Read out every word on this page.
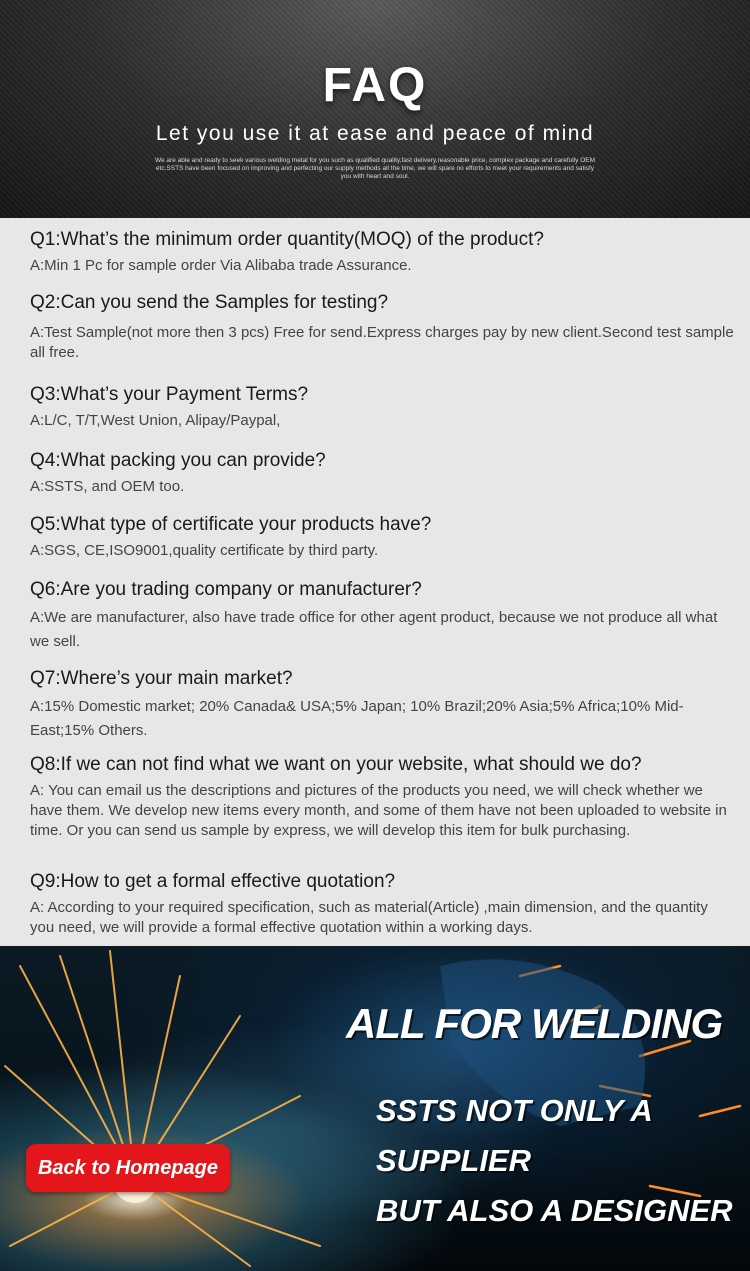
FAQ
Let you use it at ease and peace of mind
We are able and ready to seek various welding metal for you such as qualified quality,fast delivery,reasonable price, complex package and carefully OEM etc.SSTS have been focused on improving and perfecting our supply methods all the time, we will spare no efforts to meet your requirements and satisfy you with heart and soul.
Q1:What’s the minimum order quantity(MOQ) of the product?
A:Min 1 Pc for sample order Via Alibaba trade Assurance.
Q2:Can you send the Samples for testing?
A:Test Sample(not more then 3 pcs) Free for send.Express charges pay by new client.Second test sample all free.
Q3:What’s your Payment Terms?
A:L/C, T/T,West Union, Alipay/Paypal,
Q4:What packing you can provide?
A:SSTS, and OEM too.
Q5:What type of certificate your products have?
A:SGS, CE,ISO9001,quality certificate by third party.
Q6:Are you trading company or manufacturer?
A:We are manufacturer, also have trade office for other agent product, because we not produce all what we sell.
Q7:Where’s your main market?
A:15% Domestic market; 20% Canada& USA;5% Japan; 10% Brazil;20% Asia;5% Africa;10% Mid-East;15% Others.
Q8:If we can not find what we want on your website, what should we do?
A: You can email us the descriptions and pictures of the products you need, we will check whether we have them. We develop new items every month, and some of them have not been uploaded to website in time. Or you can send us sample by express, we will develop this item for bulk purchasing.
Q9:How to get a formal effective quotation?
A: According to your required specification, such as material(Article) ,main dimension, and the quantity you need, we will provide a formal effective quotation within a working days.
ALL FOR WELDING
SSTS NOT ONLY A
SUPPLIER
BUT ALSO A DESIGNER
Back to Homepage
